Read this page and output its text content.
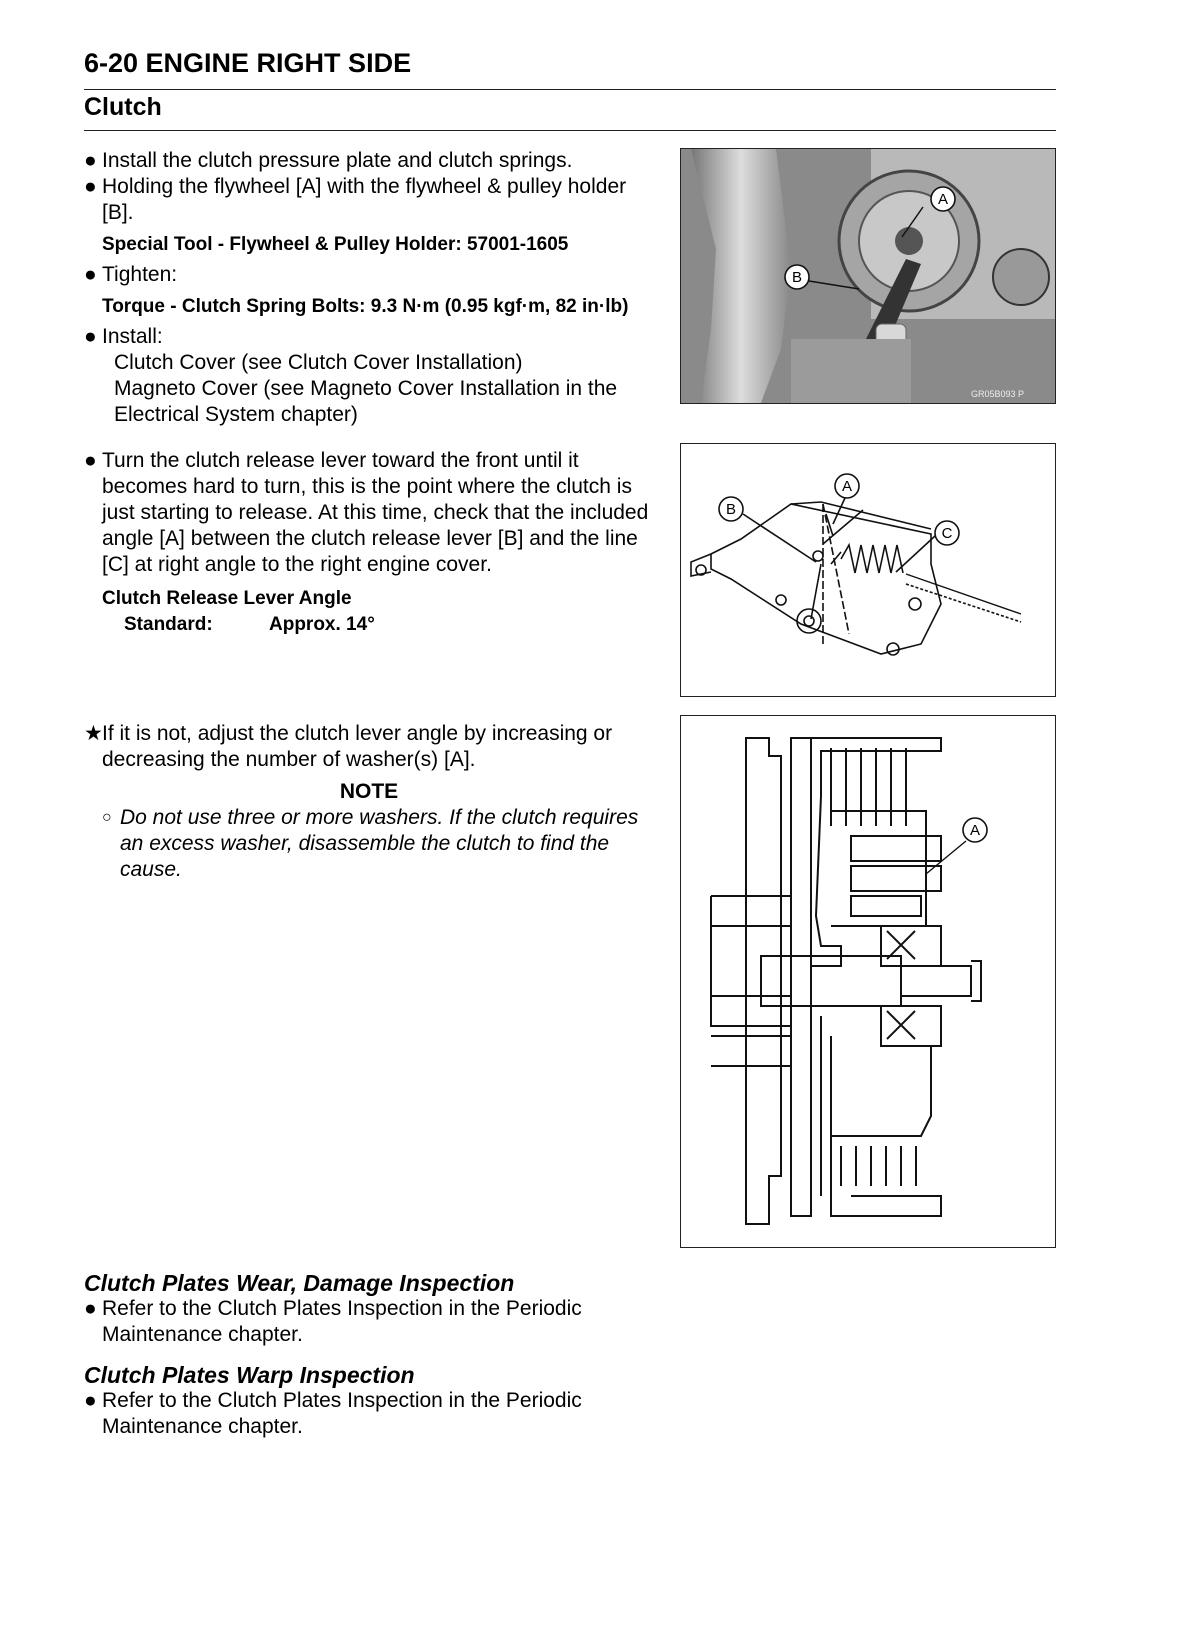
6-20 ENGINE RIGHT SIDE
Clutch

● Install the clutch pressure plate and clutch springs.

● Holding the flywheel [A] with the flywheel & pulley holder [B].

Special Tool - Flywheel & Pulley Holder: 57001-1605

● Tighten:

Torque - Clutch Spring Bolts: 9.3 N·m (0.95 kgf·m, 82 in·lb)

● Install:

Clutch Cover (see Clutch Cover Installation)

Magneto Cover (see Magneto Cover Installation in the Electrical System chapter)

● Turn the clutch release lever toward the front until it becomes hard to turn, this is the point where the clutch is just starting to release. At this time, check that the included angle [A] between the clutch release lever [B] and the line [C] at right angle to the right engine cover.

Clutch Release Lever Angle

Standard:	Approx. 14°

★ If it is not, adjust the clutch lever angle by increasing or decreasing the number of washer(s) [A].

NOTE

○ Do not use three or more washers. If the clutch requires an excess washer, disassemble the clutch to find the cause.

Clutch Plates Wear, Damage Inspection

● Refer to the Clutch Plates Inspection in the Periodic Maintenance chapter.

Clutch Plates Warp Inspection

● Refer to the Clutch Plates Inspection in the Periodic Maintenance chapter.

A
B
GR05B093 P
A
B
C
A
